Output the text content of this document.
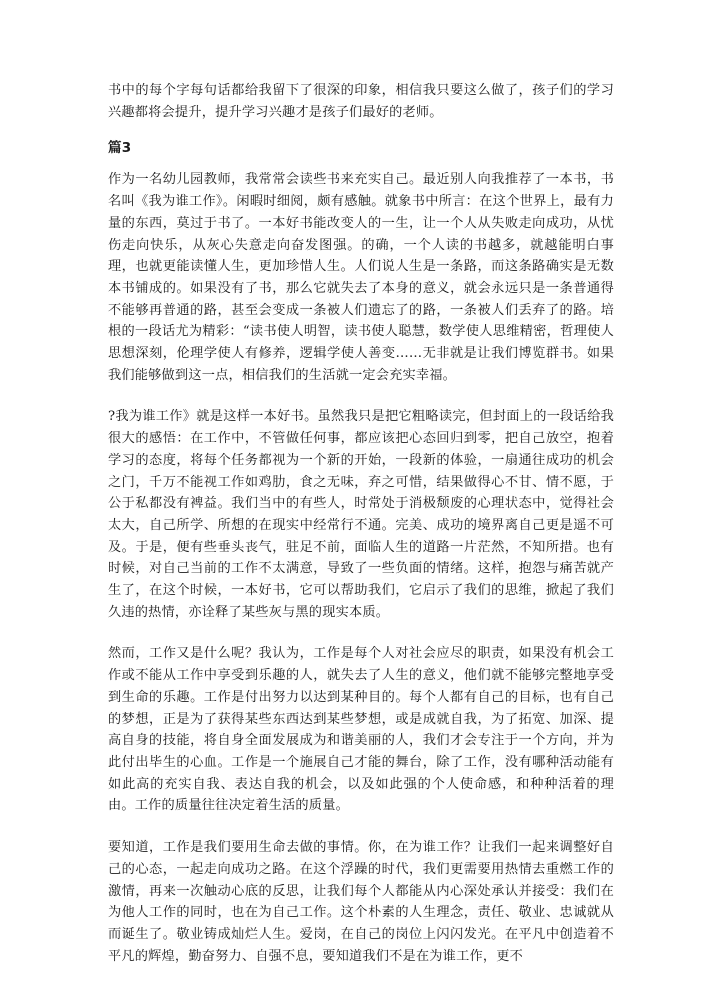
书中的每个字每句话都给我留下了很深的印象，相信我只要这么做了，孩子们的学习兴趣都将会提升，提升学习兴趣才是孩子们最好的老师。

篇3

作为一名幼儿园教师，我常常会读些书来充实自己。最近别人向我推荐了一本书，书名叫《我为谁工作》。闲暇时细阅，颇有感触。就象书中所言：在这个世界上，最有力量的东西，莫过于书了。一本好书能改变人的一生，让一个人从失败走向成功，从忧伤走向快乐，从灰心失意走向奋发图强。的确，一个人读的书越多，就越能明白事理，也就更能读懂人生，更加珍惜人生。人们说人生是一条路，而这条路确实是无数本书铺成的。如果没有了书，那么它就失去了本身的意义，就会永远只是一条普通得不能够再普通的路，甚至会变成一条被人们遗忘了的路，一条被人们丢弃了的路。培根的一段话尤为精彩：“读书使人明智，读书使人聪慧，数学使人思维精密，哲理使人思想深刻，伦理学使人有修养，逻辑学使人善变……无非就是让我们博览群书。如果我们能够做到这一点，相信我们的生活就一定会充实幸福。

?我为谁工作》就是这样一本好书。虽然我只是把它粗略读完，但封面上的一段话给我很大的感悟：在工作中，不管做任何事，都应该把心态回归到零，把自己放空，抱着学习的态度，将每个任务都视为一个新的开始，一段新的体验，一扇通往成功的机会之门，千万不能视工作如鸡肋，食之无味，弃之可惜，结果做得心不甘、情不愿，于公于私都没有裨益。我们当中的有些人，时常处于消极颓废的心理状态中，觉得社会太大，自己所学、所想的在现实中经常行不通。完美、成功的境界离自己更是遥不可及。于是，便有些垂头丧气，驻足不前，面临人生的道路一片茫然，不知所措。也有时候，对自己当前的工作不太满意，导致了一些负面的情绪。这样，抱怨与痛苦就产生了，在这个时候，一本好书，它可以帮助我们，它启示了我们的思维，掀起了我们久违的热情，亦诠释了某些灰与黑的现实本质。

然而，工作又是什么呢？我认为，工作是每个人对社会应尽的职责，如果没有机会工作或不能从工作中享受到乐趣的人，就失去了人生的意义，他们就不能够完整地享受到生命的乐趣。工作是付出努力以达到某种目的。每个人都有自己的目标，也有自己的梦想，正是为了获得某些东西达到某些梦想，或是成就自我，为了拓宽、加深、提高自身的技能，将自身全面发展成为和谐美丽的人，我们才会专注于一个方向，并为此付出毕生的心血。工作是一个施展自己才能的舞台，除了工作，没有哪种活动能有如此高的充实自我、表达自我的机会，以及如此强的个人使命感，和种种活着的理由。工作的质量往往决定着生活的质量。

要知道，工作是我们要用生命去做的事情。你，在为谁工作？让我们一起来调整好自己的心态，一起走向成功之路。在这个浮躁的时代，我们更需要用热情去重燃工作的激情，再来一次触动心底的反思，让我们每个人都能从内心深处承认并接受：我们在为他人工作的同时，也在为自己工作。这个朴素的人生理念，责任、敬业、忠诚就从而诞生了。敬业铸成灿烂人生。爱岗，在自己的岗位上闪闪发光。在平凡中创造着不平凡的辉煌，勤奋努力、自强不息，要知道我们不是在为谁工作，更不
